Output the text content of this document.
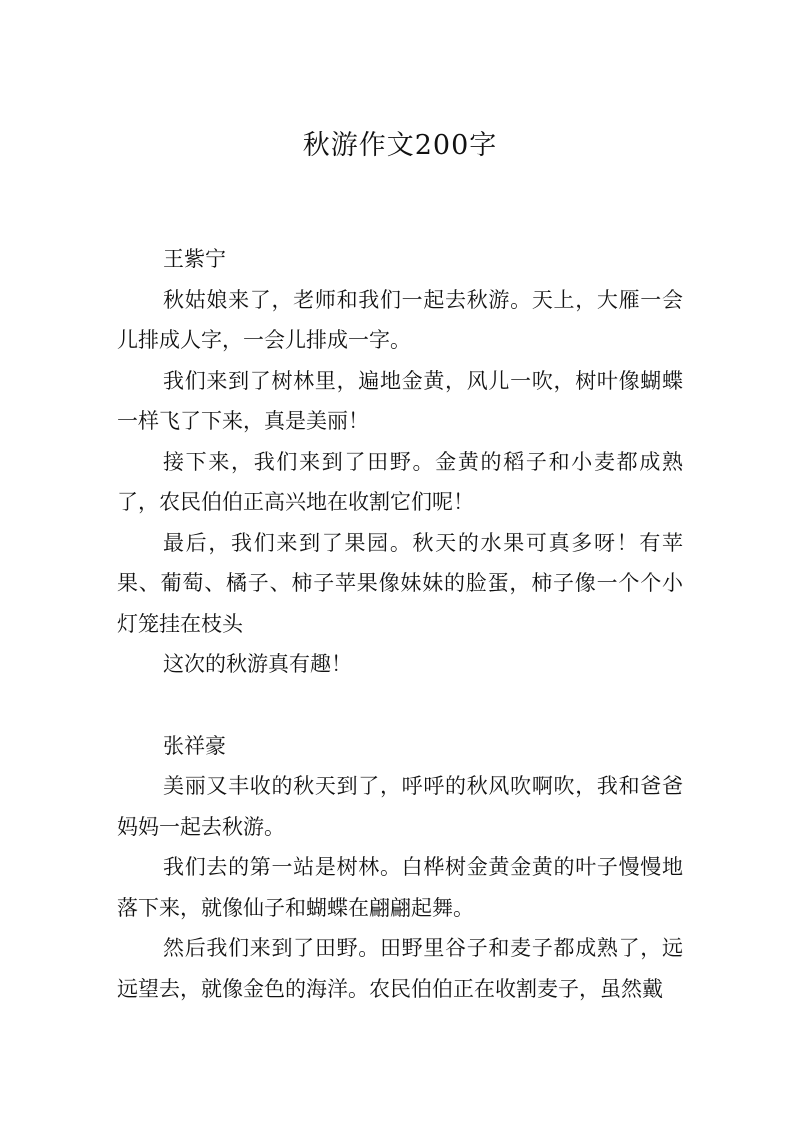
秋游作文200字

王紫宁

秋姑娘来了，老师和我们一起去秋游。天上，大雁一会儿排成人字，一会儿排成一字。

我们来到了树林里，遍地金黄，风儿一吹，树叶像蝴蝶一样飞了下来，真是美丽！

接下来，我们来到了田野。金黄的稻子和小麦都成熟了，农民伯伯正高兴地在收割它们呢！

最后，我们来到了果园。秋天的水果可真多呀！有苹果、葡萄、橘子、柿子苹果像妹妹的脸蛋，柿子像一个个小灯笼挂在枝头

这次的秋游真有趣！

张祥豪

美丽又丰收的秋天到了，呼呼的秋风吹啊吹，我和爸爸妈妈一起去秋游。

我们去的第一站是树林。白桦树金黄金黄的叶子慢慢地落下来，就像仙子和蝴蝶在翩翩起舞。

然后我们来到了田野。田野里谷子和麦子都成熟了，远远望去，就像金色的海洋。农民伯伯正在收割麦子，虽然戴
